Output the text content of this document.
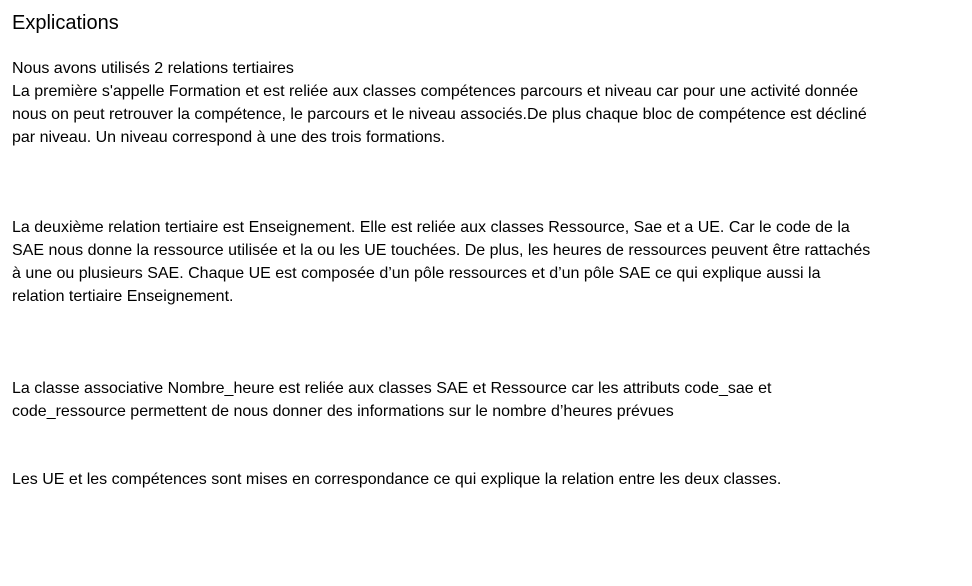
Explications

Nous avons utilisés 2 relations tertiaires
La première s'appelle Formation et est reliée aux classes compétences parcours et niveau car pour une activité donnée
nous on peut retrouver la compétence, le parcours et le niveau associés.De plus chaque bloc de compétence est décliné
par niveau. Un niveau correspond à une des trois formations.

La deuxième relation tertiaire est Enseignement. Elle est reliée aux classes Ressource, Sae et a UE. Car le code de la
SAE nous donne la ressource utilisée et la ou les UE touchées. De plus, les heures de ressources peuvent être rattachés
à une ou plusieurs SAE. Chaque UE est composée d’un pôle ressources et d’un pôle SAE ce qui explique aussi la
relation tertiaire Enseignement.

La classe associative Nombre_heure est reliée aux classes SAE et Ressource car les attributs code_sae et
code_ressource permettent de nous donner des informations sur le nombre d’heures prévues

Les UE et les compétences sont mises en correspondance ce qui explique la relation entre les deux classes.
